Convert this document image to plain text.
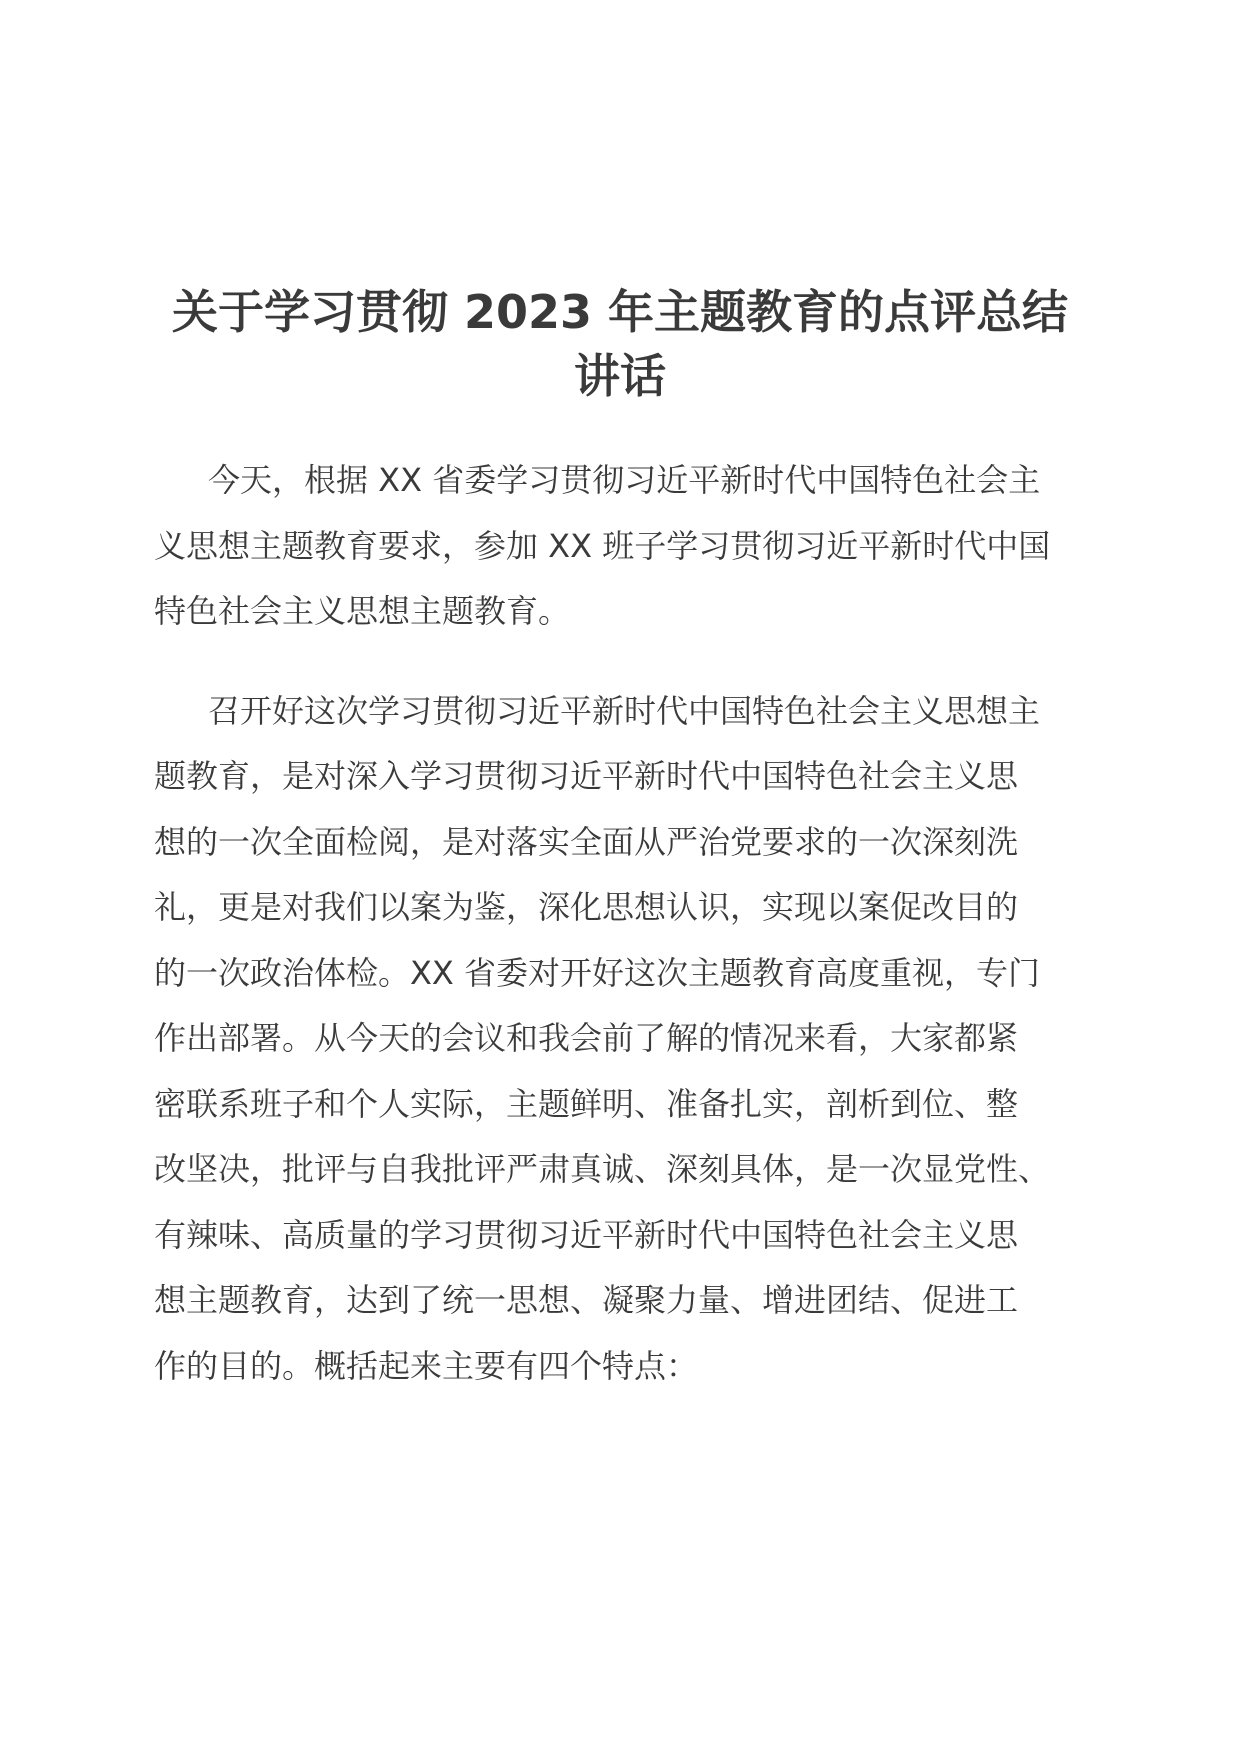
关于学习贯彻 2023 年主题教育的点评总结
讲话

今天，根据 XX 省委学习贯彻习近平新时代中国特色社会主
义思想主题教育要求，参加 XX 班子学习贯彻习近平新时代中国
特色社会主义思想主题教育。

召开好这次学习贯彻习近平新时代中国特色社会主义思想主
题教育，是对深入学习贯彻习近平新时代中国特色社会主义思
想的一次全面检阅，是对落实全面从严治党要求的一次深刻洗
礼，更是对我们以案为鉴，深化思想认识，实现以案促改目的
的一次政治体检。XX 省委对开好这次主题教育高度重视，专门
作出部署。从今天的会议和我会前了解的情况来看，大家都紧
密联系班子和个人实际，主题鲜明、准备扎实，剖析到位、整
改坚决，批评与自我批评严肃真诚、深刻具体，是一次显党性、
有辣味、高质量的学习贯彻习近平新时代中国特色社会主义思
想主题教育，达到了统一思想、凝聚力量、增进团结、促进工
作的目的。概括起来主要有四个特点：
